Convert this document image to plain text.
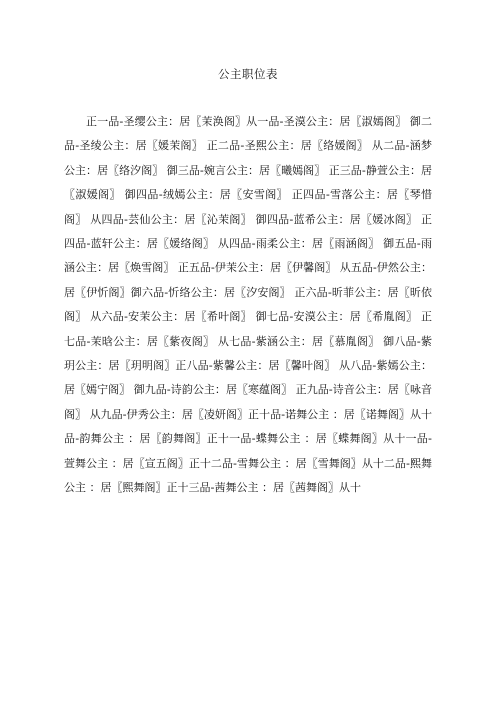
公主职位表

正一品-圣缨公主：居〖茉涣阁〗从一品-圣漠公主：居〖淑嫣阁〗 御二品-圣绫公主：居〖媛茉阁〗 正二品-圣煕公主：居〖络媛阁〗 从二品-涵梦公主：居〖络汐阁〗 御三品-婉言公主：居〖曦嫣阁〗 正三品-静萱公主：居〖淑媛阁〗 御四品-绒嫣公主：居〖安雪阁〗 正四品-雪落公主：居〖琴惜阁〗 从四品-芸仙公主：居〖沁茉阁〗 御四品-蓝希公主：居〖媛冰阁〗 正四品-蓝轩公主：居〖媛络阁〗 从四品-雨柔公主：居〖雨涵阁〗 御五品-雨涵公主：居〖焕雪阁〗 正五品-伊茉公主：居〖伊馨阁〗 从五品-伊然公主：居〖伊忻阁〗御六品-忻络公主：居〖汐安阁〗 正六品-昕菲公主：居〖昕依阁〗 从六品-安茉公主：居〖希叶阁〗 御七品-安漠公主：居〖希胤阁〗 正七品-茉晗公主：居〖紫夜阁〗 从七品-紫涵公主：居〖慕胤阁〗 御八品-紫玥公主：居〖玥明阁〗正八品-紫馨公主：居〖馨叶阁〗 从八品-紫嫣公主：居〖嫣宁阁〗 御九品-诗韵公主：居〖寒蕴阁〗 正九品-诗音公主：居〖咏音阁〗 从九品-伊秀公主：居〖凌妍阁〗正十品-诺舞公主 ：居〖诺舞阁〗从十品-韵舞公主 ：居〖韵舞阁〗正十一品-蝶舞公主 ：居〖蝶舞阁〗从十一品-萱舞公主 ：居〖宣五阁〗正十二品-雪舞公主 ：居〖雪舞阁〗从十二品-熙舞公主 ：居〖熙舞阁〗正十三品-茜舞公主 ：居〖茜舞阁〗从十
